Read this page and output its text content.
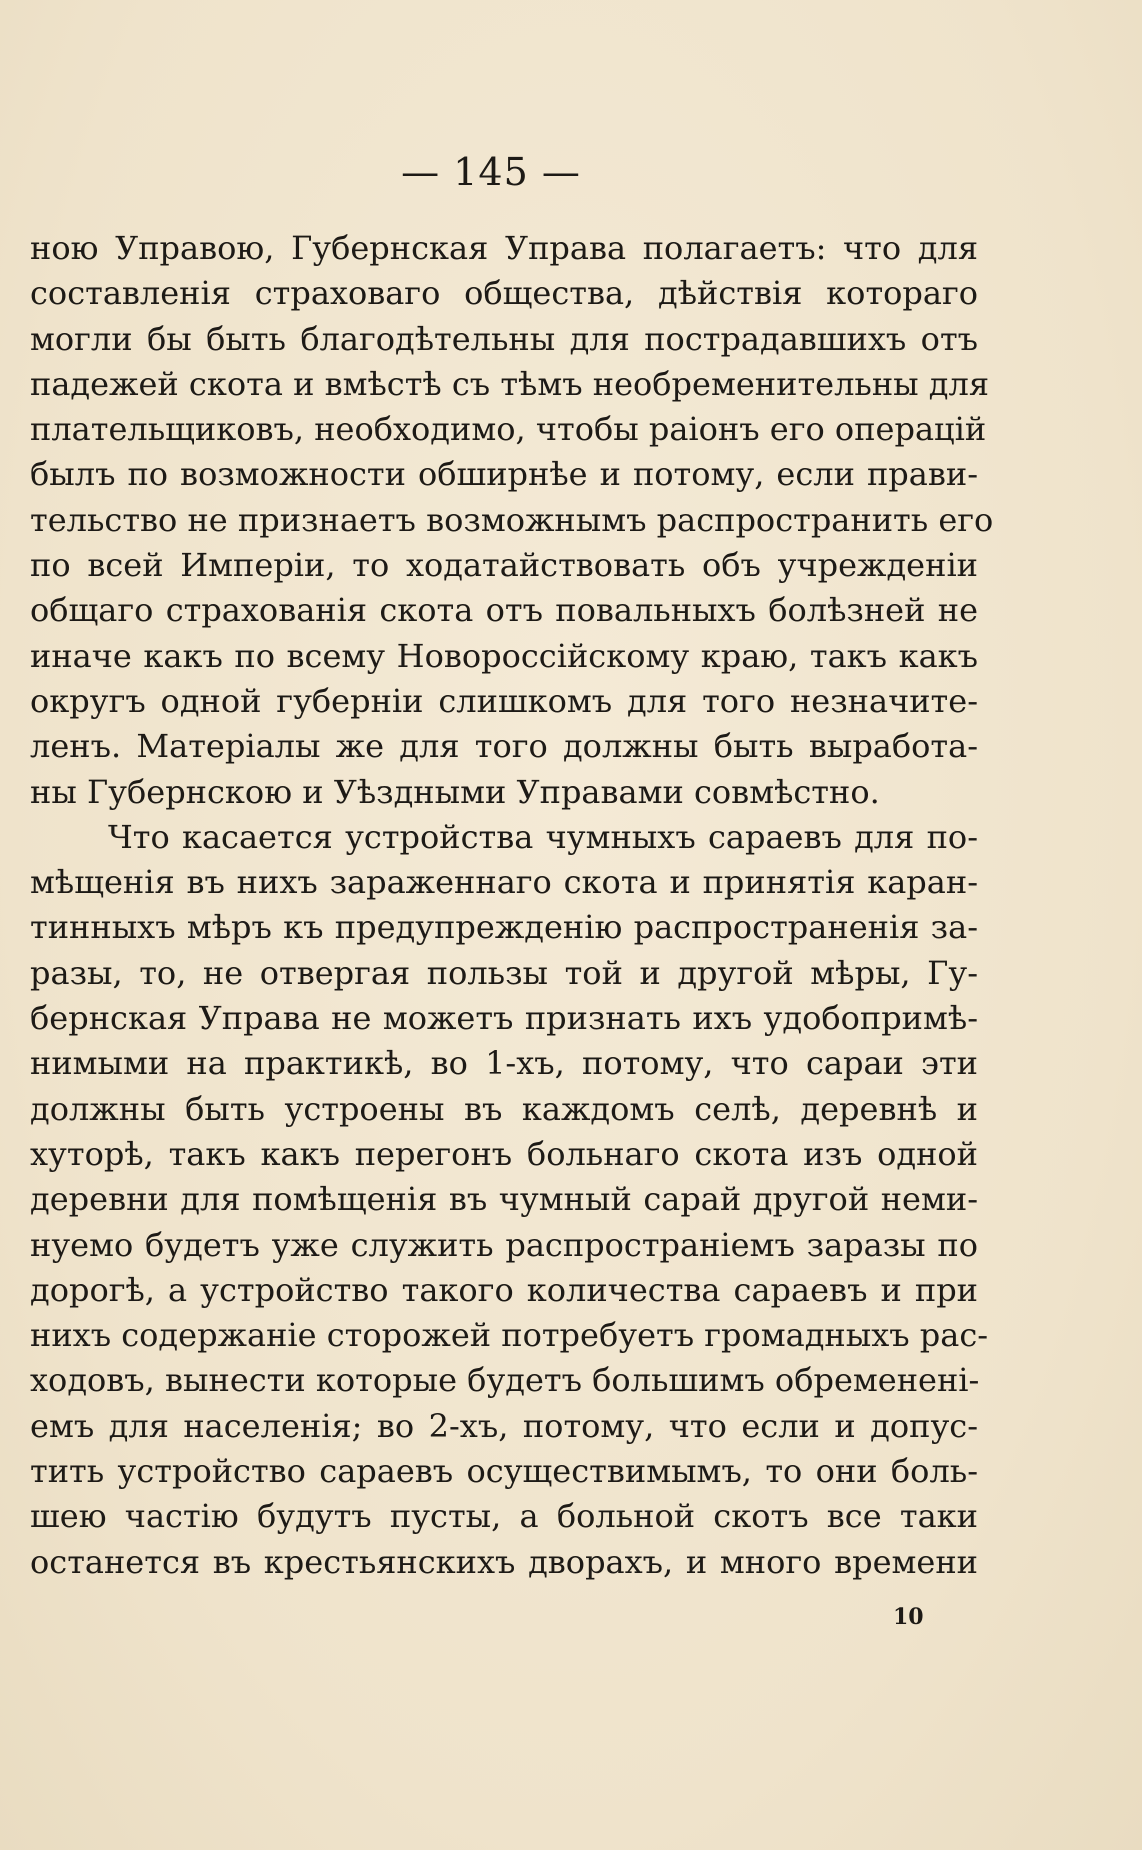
— 145 —
ною Управою, Губернская Управа полагаетъ: что для
составленія страховаго общества, дѣйствія котораго
могли бы быть благодѣтельны для пострадавшихъ отъ
падежей скота и вмѣстѣ съ тѣмъ необременительны для
плательщиковъ, необходимо, чтобы раіонъ его операцій
былъ по возможности обширнѣе и потому, если прави-
тельство не признаетъ возможнымъ распространить его
по всей Имперіи, то ходатайствовать объ учрежденіи
общаго страхованія скота отъ повальныхъ болѣзней не
иначе какъ по всему Новороссійскому краю, такъ какъ
округъ одной губерніи слишкомъ для того незначите-
ленъ. Матеріалы же для того должны быть выработа-
ны Губернскою и Уѣздными Управами совмѣстно.
Что касается устройства чумныхъ сараевъ для по-
мѣщенія въ нихъ зараженнаго скота и принятія каран-
тинныхъ мѣръ къ предупрежденію распространенія за-
разы, то, не отвергая пользы той и другой мѣры, Гу-
бернская Управа не можетъ признать ихъ удобопримѣ-
нимыми на практикѣ, во 1-хъ, потому, что сараи эти
должны быть устроены въ каждомъ селѣ, деревнѣ и
хуторѣ, такъ какъ перегонъ больнаго скота изъ одной
деревни для помѣщенія въ чумный сарай другой неми-
нуемо будетъ уже служить распространіемъ заразы по
дорогѣ, а устройство такого количества сараевъ и при
нихъ содержаніе сторожей потребуетъ громадныхъ рас-
ходовъ, вынести которые будетъ большимъ обремененi-
емъ для населенія; во 2-хъ, потому, что если и допус-
тить устройство сараевъ осуществимымъ, то они боль-
шею частію будутъ пусты, а больной скотъ все таки
останется въ крестьянскихъ дворахъ, и много времени
10
